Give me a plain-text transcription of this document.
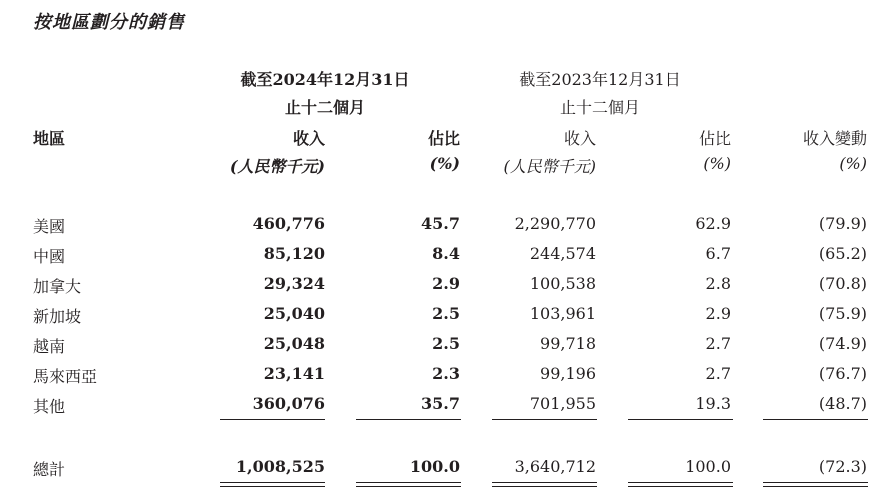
按地區劃分的銷售
截至2024年12月31日
止十二個月
截至2023年12月31日
止十二個月
地區	收入	佔比	收入	佔比	收入變動
(人民幣千元)	(%)	(人民幣千元)	(%)	(%)
美國	460,776	45.7	2,290,770	62.9	(79.9)
中國	85,120	8.4	244,574	6.7	(65.2)
加拿大	29,324	2.9	100,538	2.8	(70.8)
新加坡	25,040	2.5	103,961	2.9	(75.9)
越南	25,048	2.5	99,718	2.7	(74.9)
馬來西亞	23,141	2.3	99,196	2.7	(76.7)
其他	360,076	35.7	701,955	19.3	(48.7)
總計	1,008,525	100.0	3,640,712	100.0	(72.3)
